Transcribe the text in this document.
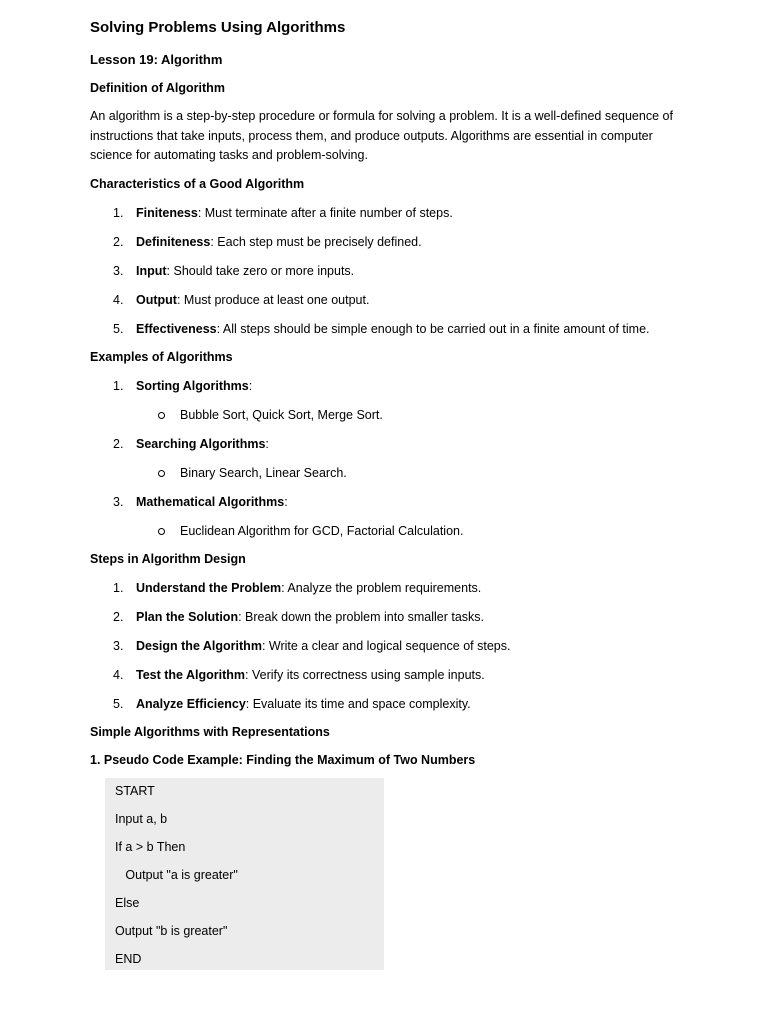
Solving Problems Using Algorithms
Lesson 19: Algorithm
Definition of Algorithm

An algorithm is a step-by-step procedure or formula for solving a problem. It is a well-defined sequence of instructions that take inputs, process them, and produce outputs. Algorithms are essential in computer science for automating tasks and problem-solving.

Characteristics of a Good Algorithm
1.	Finiteness: Must terminate after a finite number of steps.
2.	Definiteness: Each step must be precisely defined.
3.	Input: Should take zero or more inputs.
4.	Output: Must produce at least one output.
5.	Effectiveness: All steps should be simple enough to be carried out in a finite amount of time.
Examples of Algorithms
1.	Sorting Algorithms:
Bubble Sort, Quick Sort, Merge Sort.
2.	Searching Algorithms:
Binary Search, Linear Search.
3.	Mathematical Algorithms:
Euclidean Algorithm for GCD, Factorial Calculation.
Steps in Algorithm Design
1.	Understand the Problem: Analyze the problem requirements.
2.	Plan the Solution: Break down the problem into smaller tasks.
3.	Design the Algorithm: Write a clear and logical sequence of steps.
4.	Test the Algorithm: Verify its correctness using sample inputs.
5.	Analyze Efficiency: Evaluate its time and space complexity.
Simple Algorithms with Representations
1. Pseudo Code Example: Finding the Maximum of Two Numbers
START
Input a, b
If a > b Then
Output "a is greater"
Else
Output "b is greater"
END
